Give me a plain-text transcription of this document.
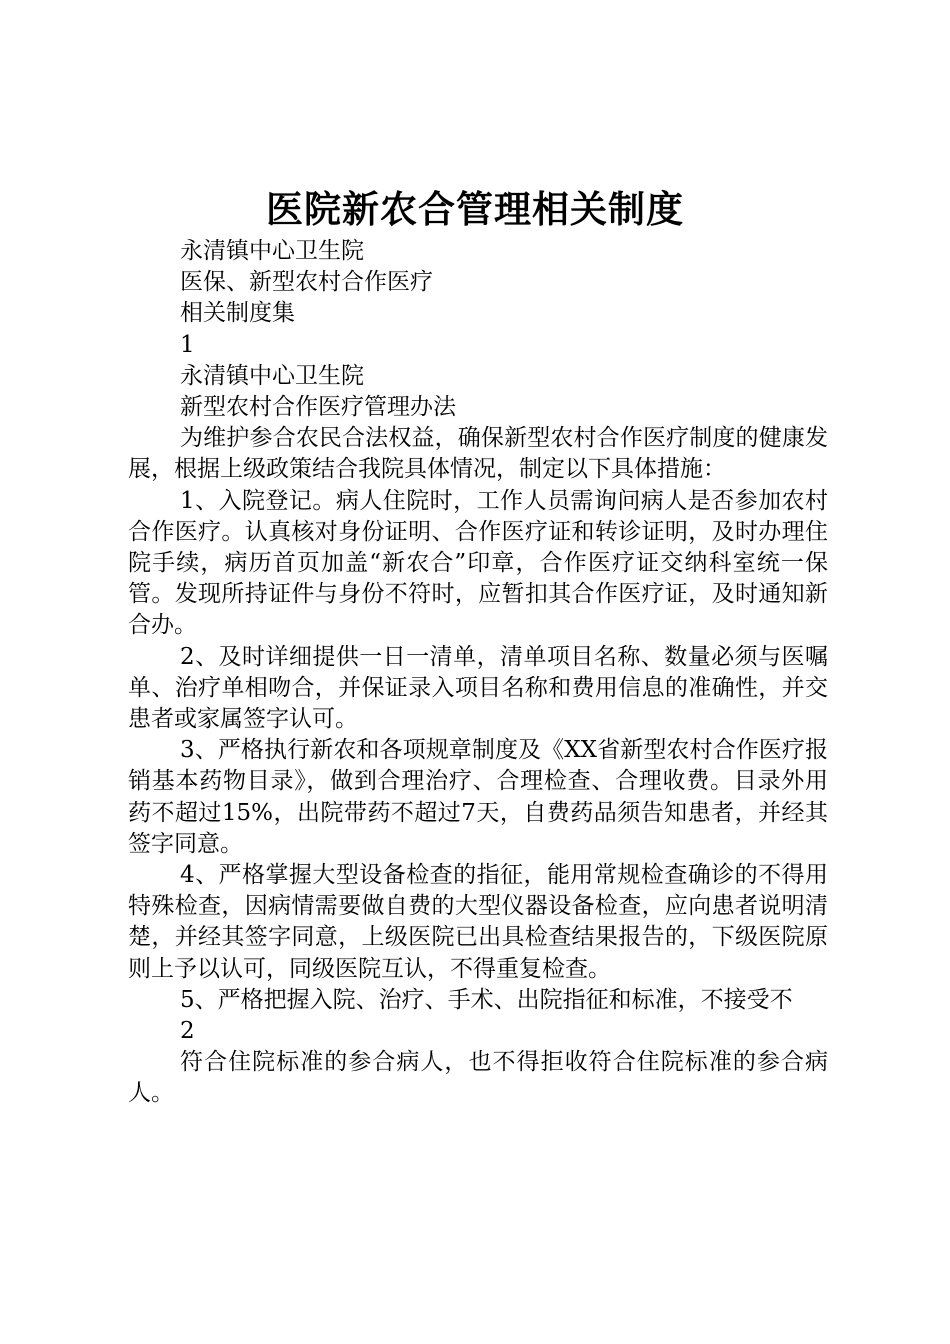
医院新农合管理相关制度

永清镇中心卫生院

医保、新型农村合作医疗

相关制度集

1

永清镇中心卫生院

新型农村合作医疗管理办法

为维护参合农民合法权益，确保新型农村合作医疗制度的健康发展，根据上级政策结合我院具体情况，制定以下具体措施：

1、入院登记。病人住院时，工作人员需询问病人是否参加农村合作医疗。认真核对身份证明、合作医疗证和转诊证明，及时办理住院手续，病历首页加盖“新农合”印章，合作医疗证交纳科室统一保管。发现所持证件与身份不符时，应暂扣其合作医疗证，及时通知新合办。

2、及时详细提供一日一清单，清单项目名称、数量必须与医嘱单、治疗单相吻合，并保证录入项目名称和费用信息的准确性，并交患者或家属签字认可。

3、严格执行新农和各项规章制度及《XX省新型农村合作医疗报销基本药物目录》，做到合理治疗、合理检查、合理收费。目录外用药不超过15%，出院带药不超过7天，自费药品须告知患者，并经其签字同意。

4、严格掌握大型设备检查的指征，能用常规检查确诊的不得用特殊检查，因病情需要做自费的大型仪器设备检查，应向患者说明清楚，并经其签字同意，上级医院已出具检查结果报告的，下级医院原则上予以认可，同级医院互认，不得重复检查。

5、严格把握入院、治疗、手术、出院指征和标准，不接受不

2

符合住院标准的参合病人，也不得拒收符合住院标准的参合病人。
